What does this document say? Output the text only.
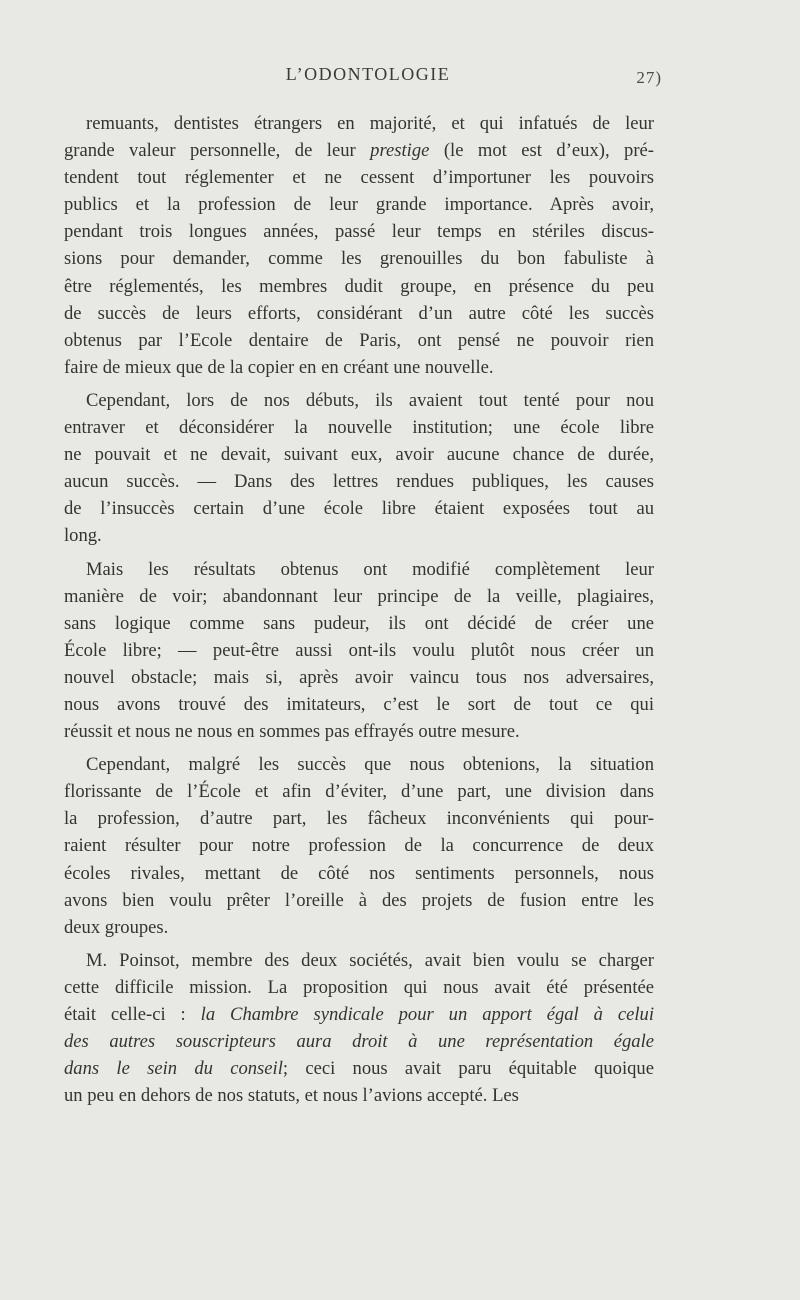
L’ODONTOLOGIE	27)
remuants, dentistes étrangers en majorité, et qui infatués de leur
grande valeur personnelle, de leur prestige (le mot est d’eux), pré-
tendent tout réglementer et ne cessent d’importuner les pouvoirs
publics et la profession de leur grande importance. Après avoir,
pendant trois longues années, passé leur temps en stériles discus-
sions pour demander, comme les grenouilles du bon fabuliste à
être réglementés, les membres dudit groupe, en présence du peu
de succès de leurs efforts, considérant d’un autre côté les succès
obtenus par l’Ecole dentaire de Paris, ont pensé ne pouvoir rien
faire de mieux que de la copier en en créant une nouvelle.
Cependant, lors de nos débuts, ils avaient tout tenté pour nou
entraver et déconsidérer la nouvelle institution; une école libre
ne pouvait et ne devait, suivant eux, avoir aucune chance de durée,
aucun succès. — Dans des lettres rendues publiques, les causes
de l’insuccès certain d’une école libre étaient exposées tout au
long.
Mais les résultats obtenus ont modifié complètement leur
manière de voir; abandonnant leur principe de la veille, plagiaires,
sans logique comme sans pudeur, ils ont décidé de créer une
École libre; — peut-être aussi ont-ils voulu plutôt nous créer un
nouvel obstacle; mais si, après avoir vaincu tous nos adversaires,
nous avons trouvé des imitateurs, c’est le sort de tout ce qui
réussit et nous ne nous en sommes pas effrayés outre mesure.
Cependant, malgré les succès que nous obtenions, la situation
florissante de l’École et afin d’éviter, d’une part, une division dans
la profession, d’autre part, les fâcheux inconvénients qui pour-
raient résulter pour notre profession de la concurrence de deux
écoles rivales, mettant de côté nos sentiments personnels, nous
avons bien voulu prêter l’oreille à des projets de fusion entre les
deux groupes.
M. Poinsot, membre des deux sociétés, avait bien voulu se charger
cette difficile mission. La proposition qui nous avait été présentée
était celle-ci : la Chambre syndicale pour un apport égal à celui
des autres souscripteurs aura droit à une représentation égale
dans le sein du conseil; ceci nous avait paru équitable quoique
un peu en dehors de nos statuts, et nous l’avions accepté. Les
